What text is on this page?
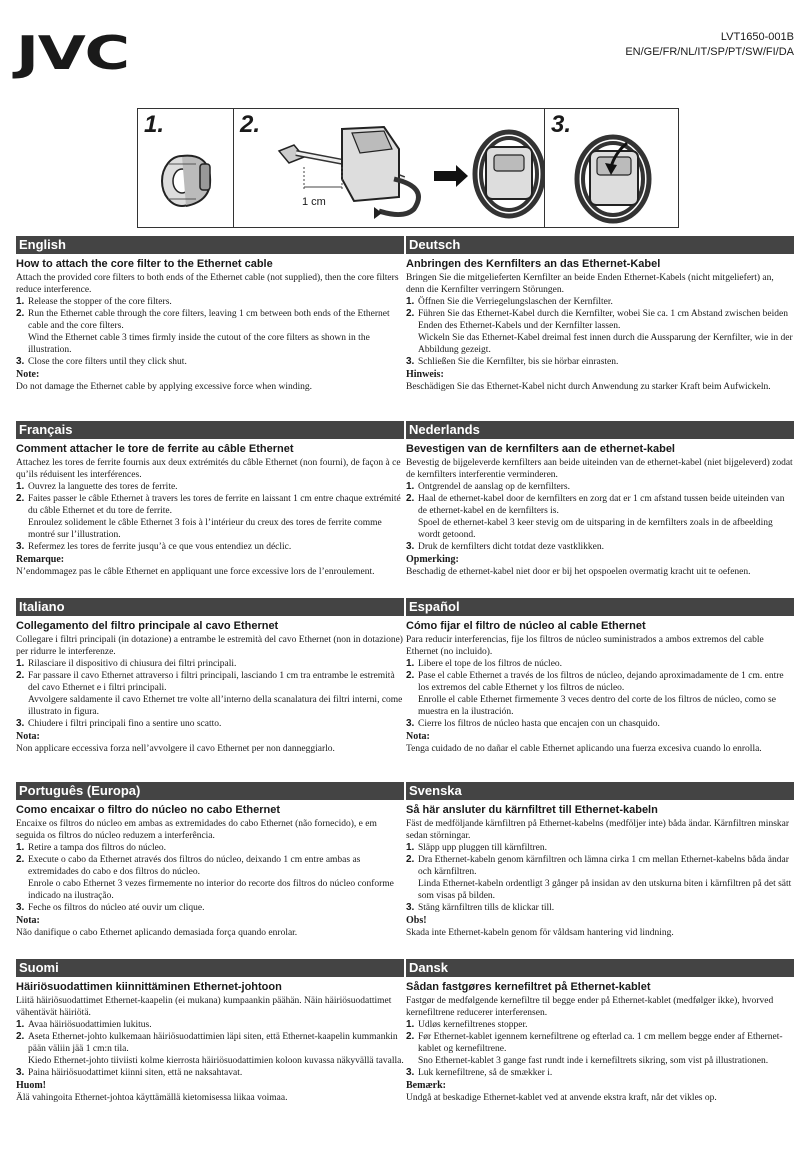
JVC	LVT1650-001B
EN/GE/FR/NL/IT/SP/PT/SW/FI/DA
1.	2.
1 cm
3.
English
How to attach the core filter to the Ethernet cable
Attach the provided core filters to both ends of the Ethernet cable (not supplied), then the core filters reduce interference.
1. Release the stopper of the core filters.
2. Run the Ethernet cable through the core filters, leaving 1 cm between both ends of the Ethernet cable and the core filters.
Wind the Ethernet cable 3 times firmly inside the cutout of the core filters as shown in the illustration.
3. Close the core filters until they click shut.
Note:
Do not damage the Ethernet cable by applying excessive force when winding.
Deutsch
Anbringen des Kernfilters an das Ethernet-Kabel
Bringen Sie die mitgelieferten Kernfilter an beide Enden Ethernet-Kabels (nicht mitgeliefert) an, denn die Kernfilter verringern Störungen.
1. Öffnen Sie die Verriegelungslaschen der Kernfilter.
2. Führen Sie das Ethernet-Kabel durch die Kernfilter, wobei Sie ca. 1 cm Abstand zwischen beiden Enden des Ethernet-Kabels und der Kernfilter lassen.
Wickeln Sie das Ethernet-Kabel dreimal fest innen durch die Aussparung der Kernfilter, wie in der Abbildung gezeigt.
3. Schließen Sie die Kernfilter, bis sie hörbar einrasten.
Hinweis:
Beschädigen Sie das Ethernet-Kabel nicht durch Anwendung zu starker Kraft beim Aufwickeln.
Français
Comment attacher le tore de ferrite au câble Ethernet
Attachez les tores de ferrite fournis aux deux extrémités du câble Ethernet (non fourni), de façon à ce qu’ils réduisent les interférences.
1. Ouvrez la languette des tores de ferrite.
2. Faites passer le câble Ethernet à travers les tores de ferrite en laissant 1 cm entre chaque extrémité du câble Ethernet et du tore de ferrite.
Enroulez solidement le câble Ethernet 3 fois à l’intérieur du creux des tores de ferrite comme montré sur l’illustration.
3. Refermez les tores de ferrite jusqu’à ce que vous entendiez un déclic.
Remarque:
N’endommagez pas le câble Ethernet en appliquant une force excessive lors de l’enroulement.
Nederlands
Bevestigen van de kernfilters aan de ethernet-kabel
Bevestig de bijgeleverde kernfilters aan beide uiteinden van de ethernet-kabel (niet bijgeleverd) zodat de kernfilters interferentie verminderen.
1. Ontgrendel de aanslag op de kernfilters.
2. Haal de ethernet-kabel door de kernfilters en zorg dat er 1 cm afstand tussen beide uiteinden van de ethernet-kabel en de kernfilters is.
Spoel de ethernet-kabel 3 keer stevig om de uitsparing in de kernfilters zoals in de afbeelding wordt getoond.
3. Druk de kernfilters dicht totdat deze vastklikken.
Opmerking:
Beschadig de ethernet-kabel niet door er bij het opspoelen overmatig kracht uit te oefenen.
Italiano
Collegamento del filtro principale al cavo Ethernet
Collegare i filtri principali (in dotazione) a entrambe le estremità del cavo Ethernet (non in dotazione) per ridurre le interferenze.
1. Rilasciare il dispositivo di chiusura dei filtri principali.
2. Far passare il cavo Ethernet attraverso i filtri principali, lasciando 1 cm tra entrambe le estremità del cavo Ethernet e i filtri principali.
Avvolgere saldamente il cavo Ethernet tre volte all’interno della scanalatura dei filtri interni, come illustrato in figura.
3. Chiudere i filtri principali fino a sentire uno scatto.
Nota:
Non applicare eccessiva forza nell’avvolgere il cavo Ethernet per non danneggiarlo.
Español
Cómo fijar el filtro de núcleo al cable Ethernet
Para reducir interferencias, fije los filtros de núcleo suministrados a ambos extremos del cable Ethernet (no incluido).
1. Libere el tope de los filtros de núcleo.
2. Pase el cable Ethernet a través de los filtros de núcleo, dejando aproximadamente de 1 cm. entre los extremos del cable Ethernet y los filtros de núcleo.
Enrolle el cable Ethernet firmemente 3 veces dentro del corte de los filtros de núcleo, como se muestra en la ilustración.
3. Cierre los filtros de núcleo hasta que encajen con un chasquido.
Nota:
Tenga cuidado de no dañar el cable Ethernet aplicando una fuerza excesiva cuando lo enrolla.
Português (Europa)
Como encaixar o filtro do núcleo no cabo Ethernet
Encaixe os filtros do núcleo em ambas as extremidades do cabo Ethernet (não fornecido), e em seguida os filtros do núcleo reduzem a interferência.
1. Retire a tampa dos filtros do núcleo.
2. Execute o cabo da Ethernet através dos filtros do núcleo, deixando 1 cm entre ambas as extremidades do cabo e dos filtros do núcleo.
Enrole o cabo Ethernet 3 vezes firmemente no interior do recorte dos filtros do núcleo conforme indicado na ilustração.
3. Feche os filtros do núcleo até ouvir um clique.
Nota:
Não danifique o cabo Ethernet aplicando demasiada força quando enrolar.
Svenska
Så här ansluter du kärnfiltret till Ethernet-kabeln
Fäst de medföljande kärnfiltren på Ethernet-kabelns (medföljer inte) båda ändar. Kärnfiltren minskar sedan störningar.
1. Släpp upp pluggen till kärnfiltren.
2. Dra Ethernet-kabeln genom kärnfiltren och lämna cirka 1 cm mellan Ethernet-kabelns båda ändar och kärnfiltren.
Linda Ethernet-kabeln ordentligt 3 gånger på insidan av den utskurna biten i kärnfiltren på det sätt som visas på bilden.
3. Stäng kärnfiltren tills de klickar till.
Obs!
Skada inte Ethernet-kabeln genom för våldsam hantering vid lindning.
Suomi
Häiriösuodattimen kiinnittäminen Ethernet-johtoon
Liitä häiriösuodattimet Ethernet-kaapelin (ei mukana) kumpaankin päähän. Näin häiriösuodattimet vähentävät häiriötä.
1. Avaa häiriösuodattimien lukitus.
2. Aseta Ethernet-johto kulkemaan häiriösuodattimien läpi siten, että Ethernet-kaapelin kummankin pään väliin jää 1 cm:n tila.
Kiedo Ethernet-johto tiiviisti kolme kierrosta häiriösuodattimien koloon kuvassa näkyvällä tavalla.
3. Paina häiriösuodattimet kiinni siten, että ne naksahtavat.
Huom!
Älä vahingoita Ethernet-johtoa käyttämällä kietomisessa liikaa voimaa.
Dansk
Sådan fastgøres kernefiltret på Ethernet-kablet
Fastgør de medfølgende kernefiltre til begge ender på Ethernet-kablet (medfølger ikke), hvorved kernefiltrene reducerer interferensen.
1. Udløs kernefiltrenes stopper.
2. Før Ethernet-kablet igennem kernefiltrene og efterlad ca. 1 cm mellem begge ender af Ethernet-kablet og kernefiltrene.
Sno Ethernet-kablet 3 gange fast rundt inde i kernefiltrets sikring, som vist på illustrationen.
3. Luk kernefiltrene, så de smækker i.
Bemærk:
Undgå at beskadige Ethernet-kablet ved at anvende ekstra kraft, når det vikles op.
